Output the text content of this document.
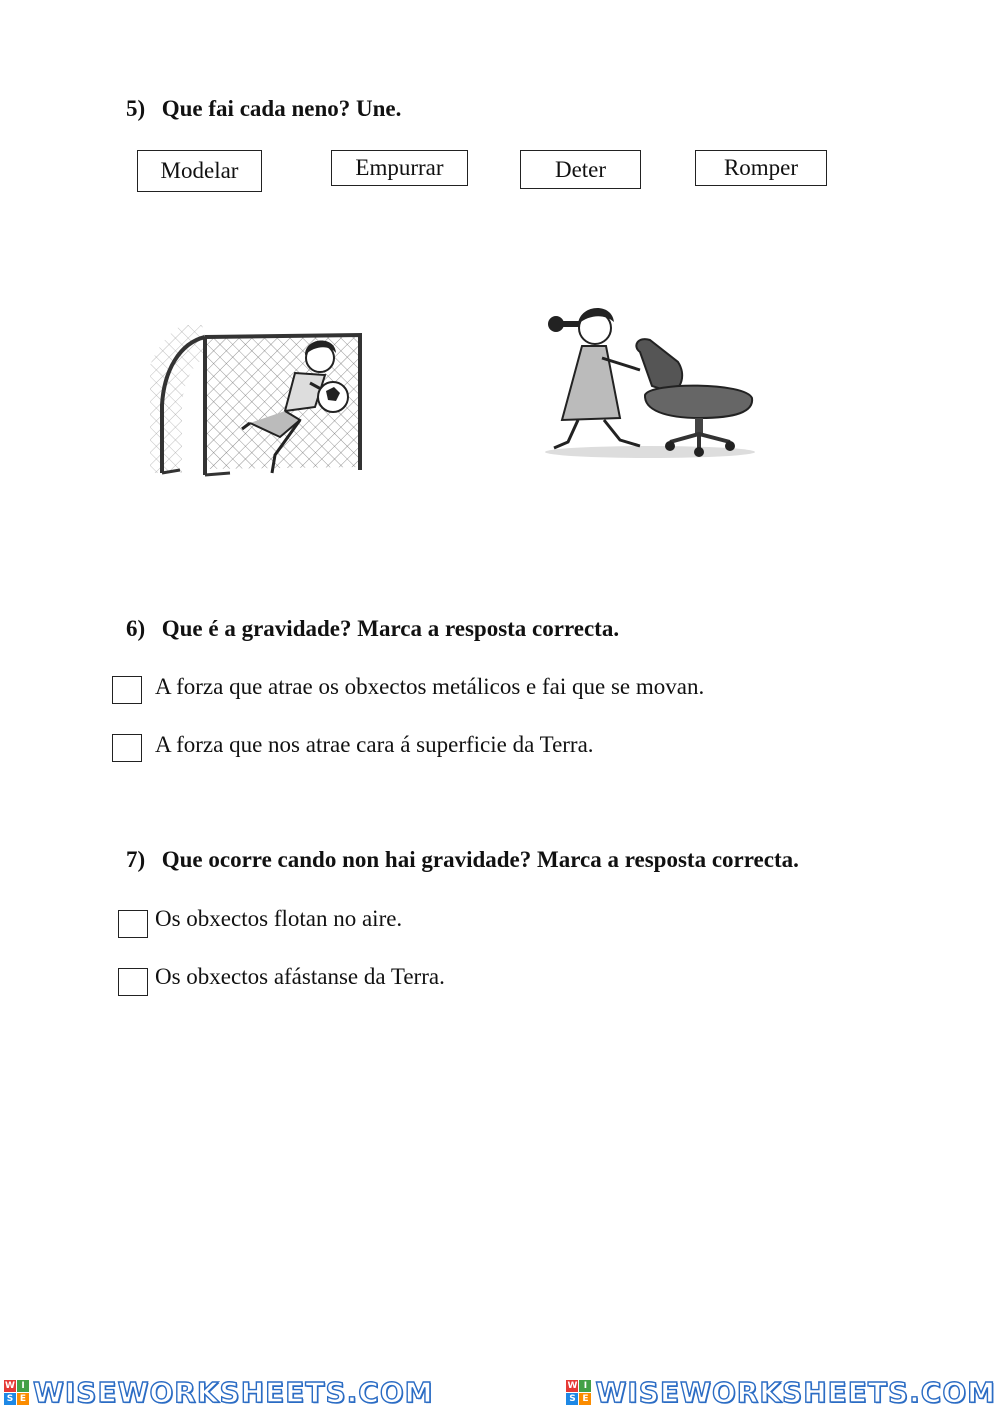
5) Que fai cada neno? Une.
Modelar	Empurrar	Deter	Romper
6) Que é a gravidade? Marca a resposta correcta.
A forza que atrae os obxectos metálicos e fai que se movan.
A forza que nos atrae cara á superficie da Terra.
7) Que ocorre cando non hai gravidade? Marca a resposta correcta.
Os obxectos flotan no aire.
Os obxectos afástanse da Terra.
W I
S E WISEWORKSHEETS.COM	W I
S E WISEWORKSHEETS.COM
